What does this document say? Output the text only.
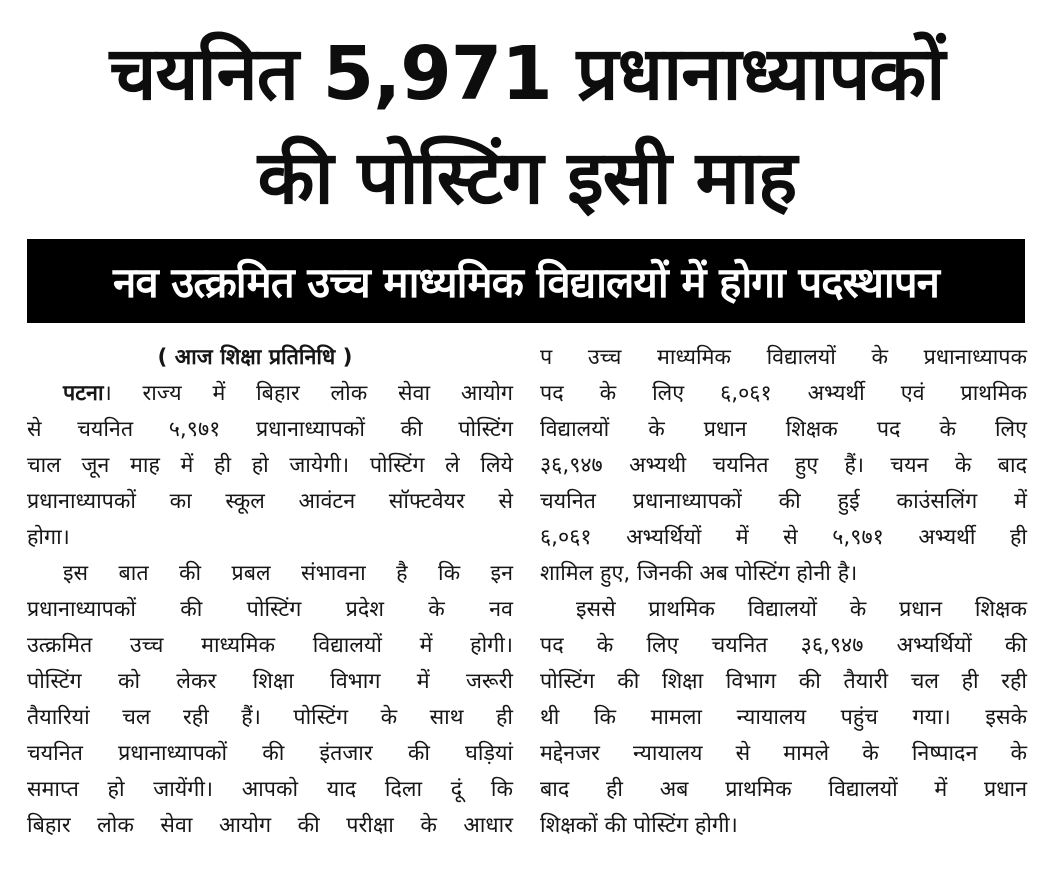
चयनित 5,971 प्रधानाध्यापकों
की पोस्टिंग इसी माह
नव उत्क्रमित उच्च माध्यमिक विद्यालयों में होगा पदस्थापन
( आज शिक्षा प्रतिनिधि )
पटना। राज्य में बिहार लोक सेवा आयोग
से चयनित ५,९७१ प्रधानाध्यापकों की पोस्टिंग
चाल जून माह में ही हो जायेगी। पोस्टिंग ले लिये
प्रधानाध्यापकों का स्कूल आवंटन सॉफ्टवेयर से
होगा।
इस बात की प्रबल संभावना है कि इन
प्रधानाध्यापकों की पोस्टिंग प्रदेश के नव
उत्क्रमित उच्च माध्यमिक विद्यालयों में होगी।
पोस्टिंग को लेकर शिक्षा विभाग में जरूरी
तैयारियां चल रही हैं। पोस्टिंग के साथ ही
चयनित प्रधानाध्यापकों की इंतजार की घड़ियां
समाप्त हो जायेंगी। आपको याद दिला दूं कि
बिहार लोक सेवा आयोग की परीक्षा के आधार
प उच्च माध्यमिक विद्यालयों के प्रधानाध्यापक
पद के लिए ६,०६१ अभ्यर्थी एवं प्राथमिक
विद्यालयों के प्रधान शिक्षक पद के लिए
३६,९४७ अभ्यथी चयनित हुए हैं। चयन के बाद
चयनित प्रधानाध्यापकों की हुई काउंसलिंग में
६,०६१ अभ्यर्थियों में से ५,९७१ अभ्यर्थी ही
शामिल हुए, जिनकी अब पोस्टिंग होनी है।
इससे प्राथमिक विद्यालयों के प्रधान शिक्षक
पद के लिए चयनित ३६,९४७ अभ्यर्थियों की
पोस्टिंग की शिक्षा विभाग की तैयारी चल ही रही
थी कि मामला न्यायालय पहुंच गया। इसके
मद्देनजर न्यायालय से मामले के निष्पादन के
बाद ही अब प्राथमिक विद्यालयों में प्रधान
शिक्षकों की पोस्टिंग होगी।
